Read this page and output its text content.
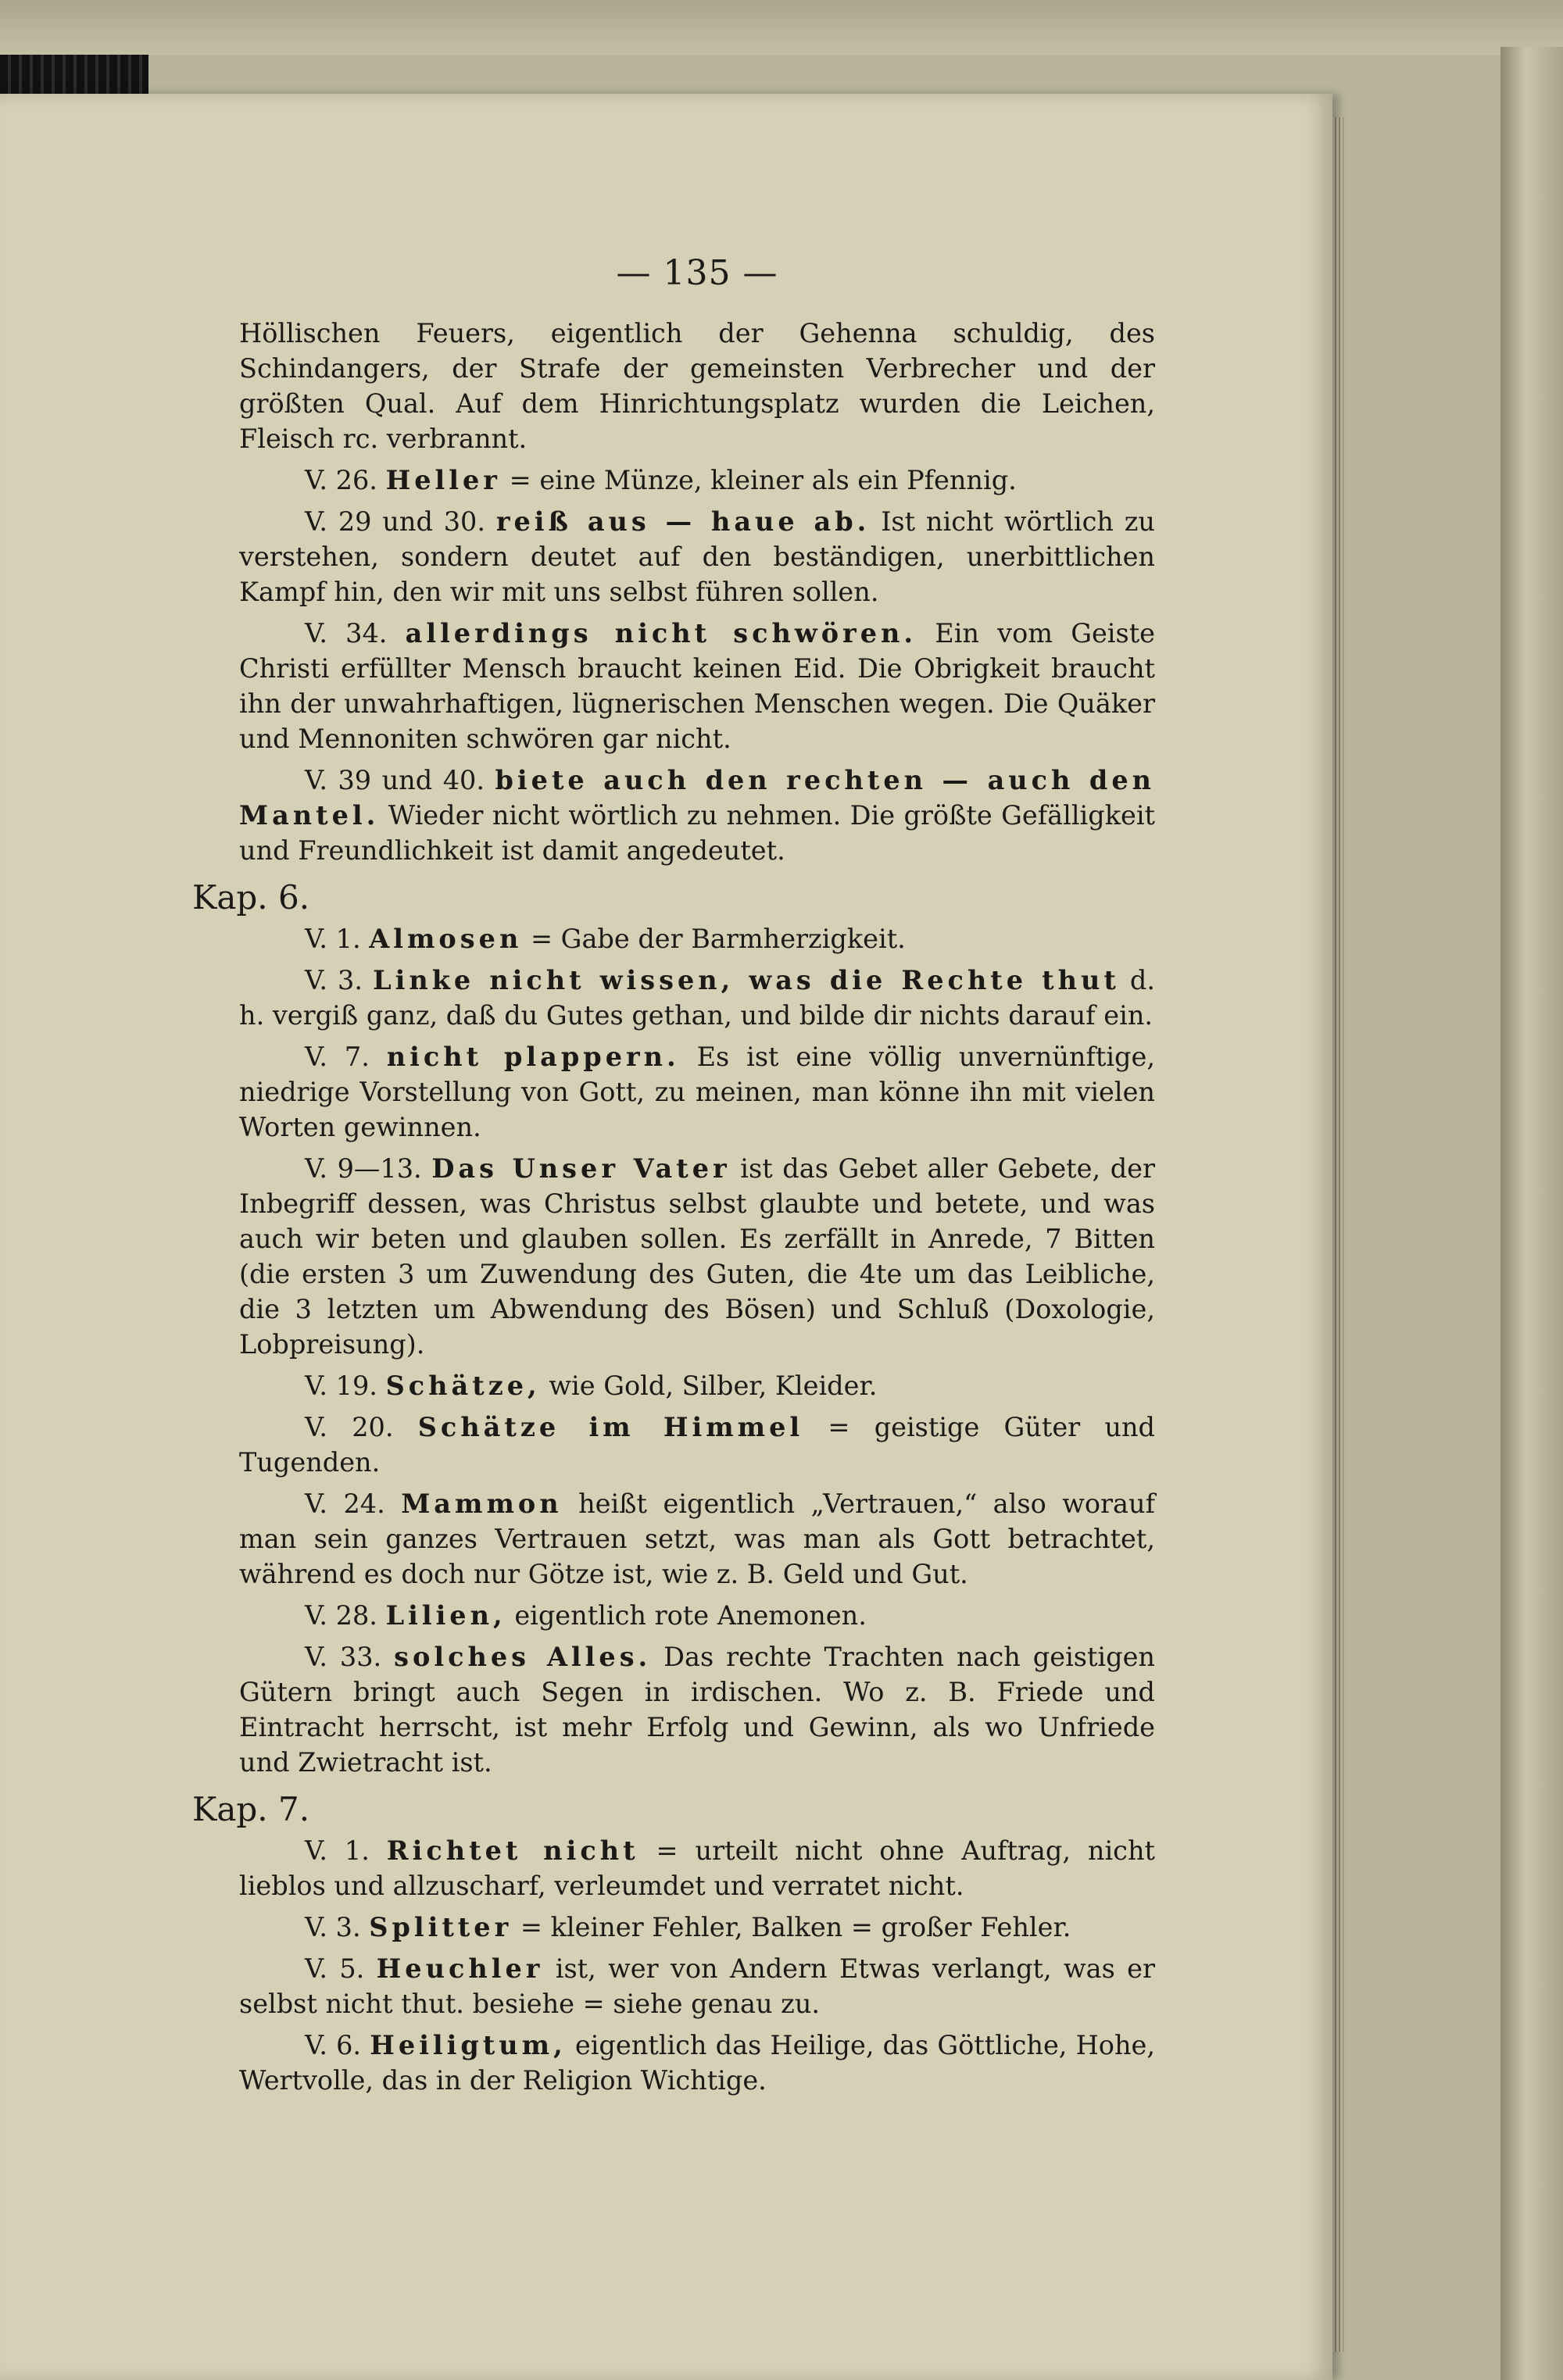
— 135 —

Höllischen Feuers, eigentlich der Gehenna schuldig, des Schindangers, der Strafe der gemeinsten Verbrecher und der größten Qual. Auf dem Hinrichtungsplatz wurden die Leichen, Fleisch rc. verbrannt.

V. 26. Heller = eine Münze, kleiner als ein Pfennig.

V. 29 und 30. reiß aus — haue ab. Ist nicht wörtlich zu verstehen, sondern deutet auf den beständigen, unerbittlichen Kampf hin, den wir mit uns selbst führen sollen.

V. 34. allerdings nicht schwören. Ein vom Geiste Christi erfüllter Mensch braucht keinen Eid. Die Obrigkeit braucht ihn der unwahrhaftigen, lügnerischen Menschen wegen. Die Quäker und Mennoniten schwören gar nicht.

V. 39 und 40. biete auch den rechten — auch den Mantel. Wieder nicht wörtlich zu nehmen. Die größte Gefälligkeit und Freundlichkeit ist damit angedeutet.

Kap. 6.

V. 1. Almosen = Gabe der Barmherzigkeit.

V. 3. Linke nicht wissen, was die Rechte thut d. h. vergiß ganz, daß du Gutes gethan, und bilde dir nichts darauf ein.

V. 7. nicht plappern. Es ist eine völlig unvernünftige, niedrige Vorstellung von Gott, zu meinen, man könne ihn mit vielen Worten gewinnen.

V. 9—13. Das Unser Vater ist das Gebet aller Gebete, der Inbegriff dessen, was Christus selbst glaubte und betete, und was auch wir beten und glauben sollen. Es zerfällt in Anrede, 7 Bitten (die ersten 3 um Zuwendung des Guten, die 4te um das Leibliche, die 3 letzten um Abwendung des Bösen) und Schluß (Doxologie, Lobpreisung).

V. 19. Schätze, wie Gold, Silber, Kleider.

V. 20. Schätze im Himmel = geistige Güter und Tugenden.

V. 24. Mammon heißt eigentlich „Vertrauen,“ also worauf man sein ganzes Vertrauen setzt, was man als Gott betrachtet, während es doch nur Götze ist, wie z. B. Geld und Gut.

V. 28. Lilien, eigentlich rote Anemonen.

V. 33. solches Alles. Das rechte Trachten nach geistigen Gütern bringt auch Segen in irdischen. Wo z. B. Friede und Eintracht herrscht, ist mehr Erfolg und Gewinn, als wo Unfriede und Zwietracht ist.

Kap. 7.

V. 1. Richtet nicht = urteilt nicht ohne Auftrag, nicht lieblos und allzuscharf, verleumdet und verratet nicht.

V. 3. Splitter = kleiner Fehler, Balken = großer Fehler.

V. 5. Heuchler ist, wer von Andern Etwas verlangt, was er selbst nicht thut. besiehe = siehe genau zu.

V. 6. Heiligtum, eigentlich das Heilige, das Göttliche, Hohe, Wertvolle, das in der Religion Wichtige.
